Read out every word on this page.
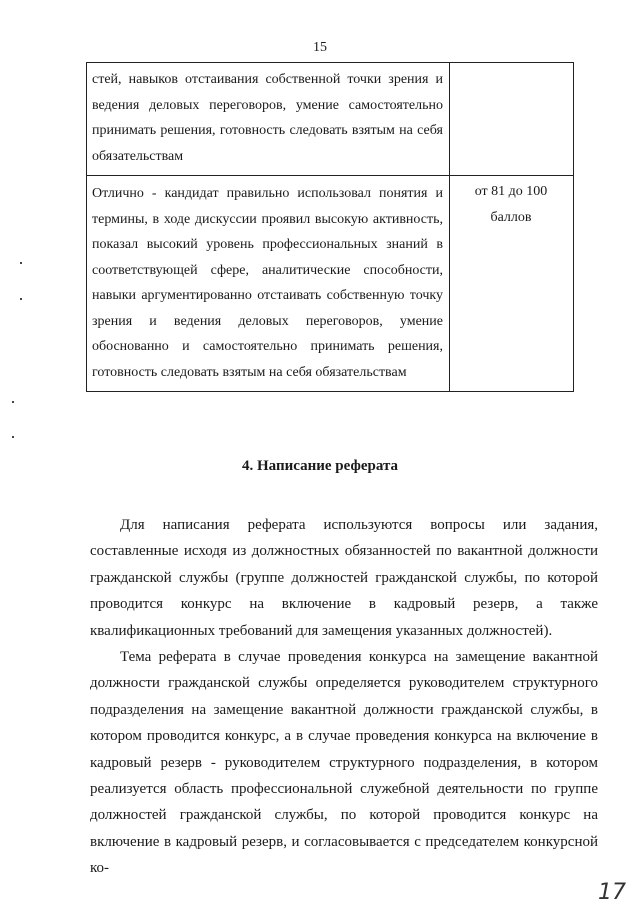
15
стей, навыков отстаивания собственной точки зрения и ведения деловых переговоров, умение самостоятельно принимать решения, готовность следовать взятым на себя обязательствам	
Отлично - кандидат правильно использовал понятия и термины, в ходе дискуссии проявил высокую активность, показал высокий уровень профессиональных знаний в соответствующей сфере, аналитические способности, навыки аргументированно отстаивать собственную точку зрения и ведения деловых переговоров, умение обоснованно и самостоятельно принимать решения, готовность следовать взятым на себя обязательствам	от 81 до 100 баллов
4. Написание реферата

Для написания реферата используются вопросы или задания, составленные исходя из должностных обязанностей по вакантной должности гражданской службы (группе должностей гражданской службы, по которой проводится конкурс на включение в кадровый резерв, а также квалификационных требований для замещения указанных должностей).

Тема реферата в случае проведения конкурса на замещение вакантной должности гражданской службы определяется руководителем структурного подразделения на замещение вакантной должности гражданской службы, в котором проводится конкурс, а в случае проведения конкурса на включение в кадровый резерв - руководителем структурного подразделения, в котором реализуется область профессиональной служебной деятельности по группе должностей гражданской службы, по которой проводится конкурс на включение в кадровый резерв, и согласовывается с председателем конкурсной ко-

17
